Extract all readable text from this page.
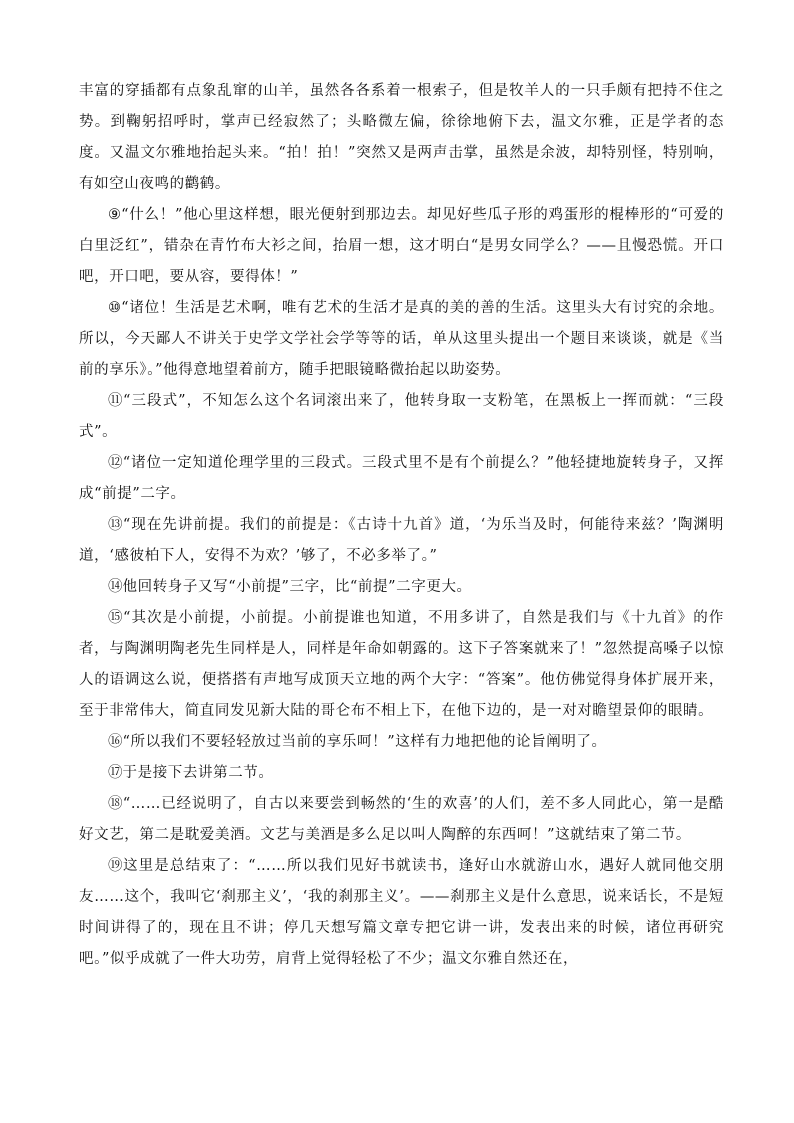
丰富的穿插都有点象乱窜的山羊，虽然各各系着一根索子，但是牧羊人的一只手颇有把持不住之势。到鞠躬招呼时，掌声已经寂然了；头略微左偏，徐徐地俯下去，温文尔雅，正是学者的态度。又温文尔雅地抬起头来。“拍！拍！”突然又是两声击掌，虽然是余波，却特别怪，特别响，有如空山夜鸣的鹳鹤。

⑨“什么！”他心里这样想，眼光便射到那边去。却见好些瓜子形的鸡蛋形的棍棒形的“可爱的白里泛红”，错杂在青竹布大衫之间，抬眉一想，这才明白“是男女同学么？——且慢恐慌。开口吧，开口吧，要从容，要得体！”

⑩“诸位！生活是艺术啊，唯有艺术的生活才是真的美的善的生活。这里头大有讨究的余地。所以，今天鄙人不讲关于史学文学社会学等等的话，单从这里头提出一个题目来谈谈，就是《当前的享乐》。”他得意地望着前方，随手把眼镜略微抬起以助姿势。

⑪“三段式”，不知怎么这个名词滚出来了，他转身取一支粉笔，在黑板上一挥而就：“三段式”。

⑫“诸位一定知道伦理学里的三段式。三段式里不是有个前提么？”他轻捷地旋转身子，又挥成“前提”二字。

⑬“现在先讲前提。我们的前提是：《古诗十九首》道，‘为乐当及时，何能待来兹？’陶渊明道，‘感彼柏下人，安得不为欢？’够了，不必多举了。”

⑭他回转身子又写“小前提”三字，比“前提”二字更大。

⑮“其次是小前提，小前提。小前提谁也知道，不用多讲了，自然是我们与《十九首》的作者，与陶渊明陶老先生同样是人，同样是年命如朝露的。这下子答案就来了！”忽然提高嗓子以惊人的语调这么说，便搭搭有声地写成顶天立地的两个大字：“答案”。他仿佛觉得身体扩展开来，至于非常伟大，简直同发见新大陆的哥仑布不相上下，在他下边的，是一对对瞻望景仰的眼睛。

⑯“所以我们不要轻轻放过当前的享乐呵！”这样有力地把他的论旨阐明了。

⑰于是接下去讲第二节。

⑱“……已经说明了，自古以来要尝到畅然的‘生的欢喜’的人们，差不多人同此心，第一是酷好文艺，第二是耽爱美酒。文艺与美酒是多么足以叫人陶醉的东西呵！”这就结束了第二节。

⑲这里是总结束了：“……所以我们见好书就读书，逢好山水就游山水，遇好人就同他交朋友……这个，我叫它‘刹那主义’，‘我的刹那主义’。——刹那主义是什么意思，说来话长，不是短时间讲得了的，现在且不讲；停几天想写篇文章专把它讲一讲，发表出来的时候，诸位再研究吧。”似乎成就了一件大功劳，肩背上觉得轻松了不少；温文尔雅自然还在，
